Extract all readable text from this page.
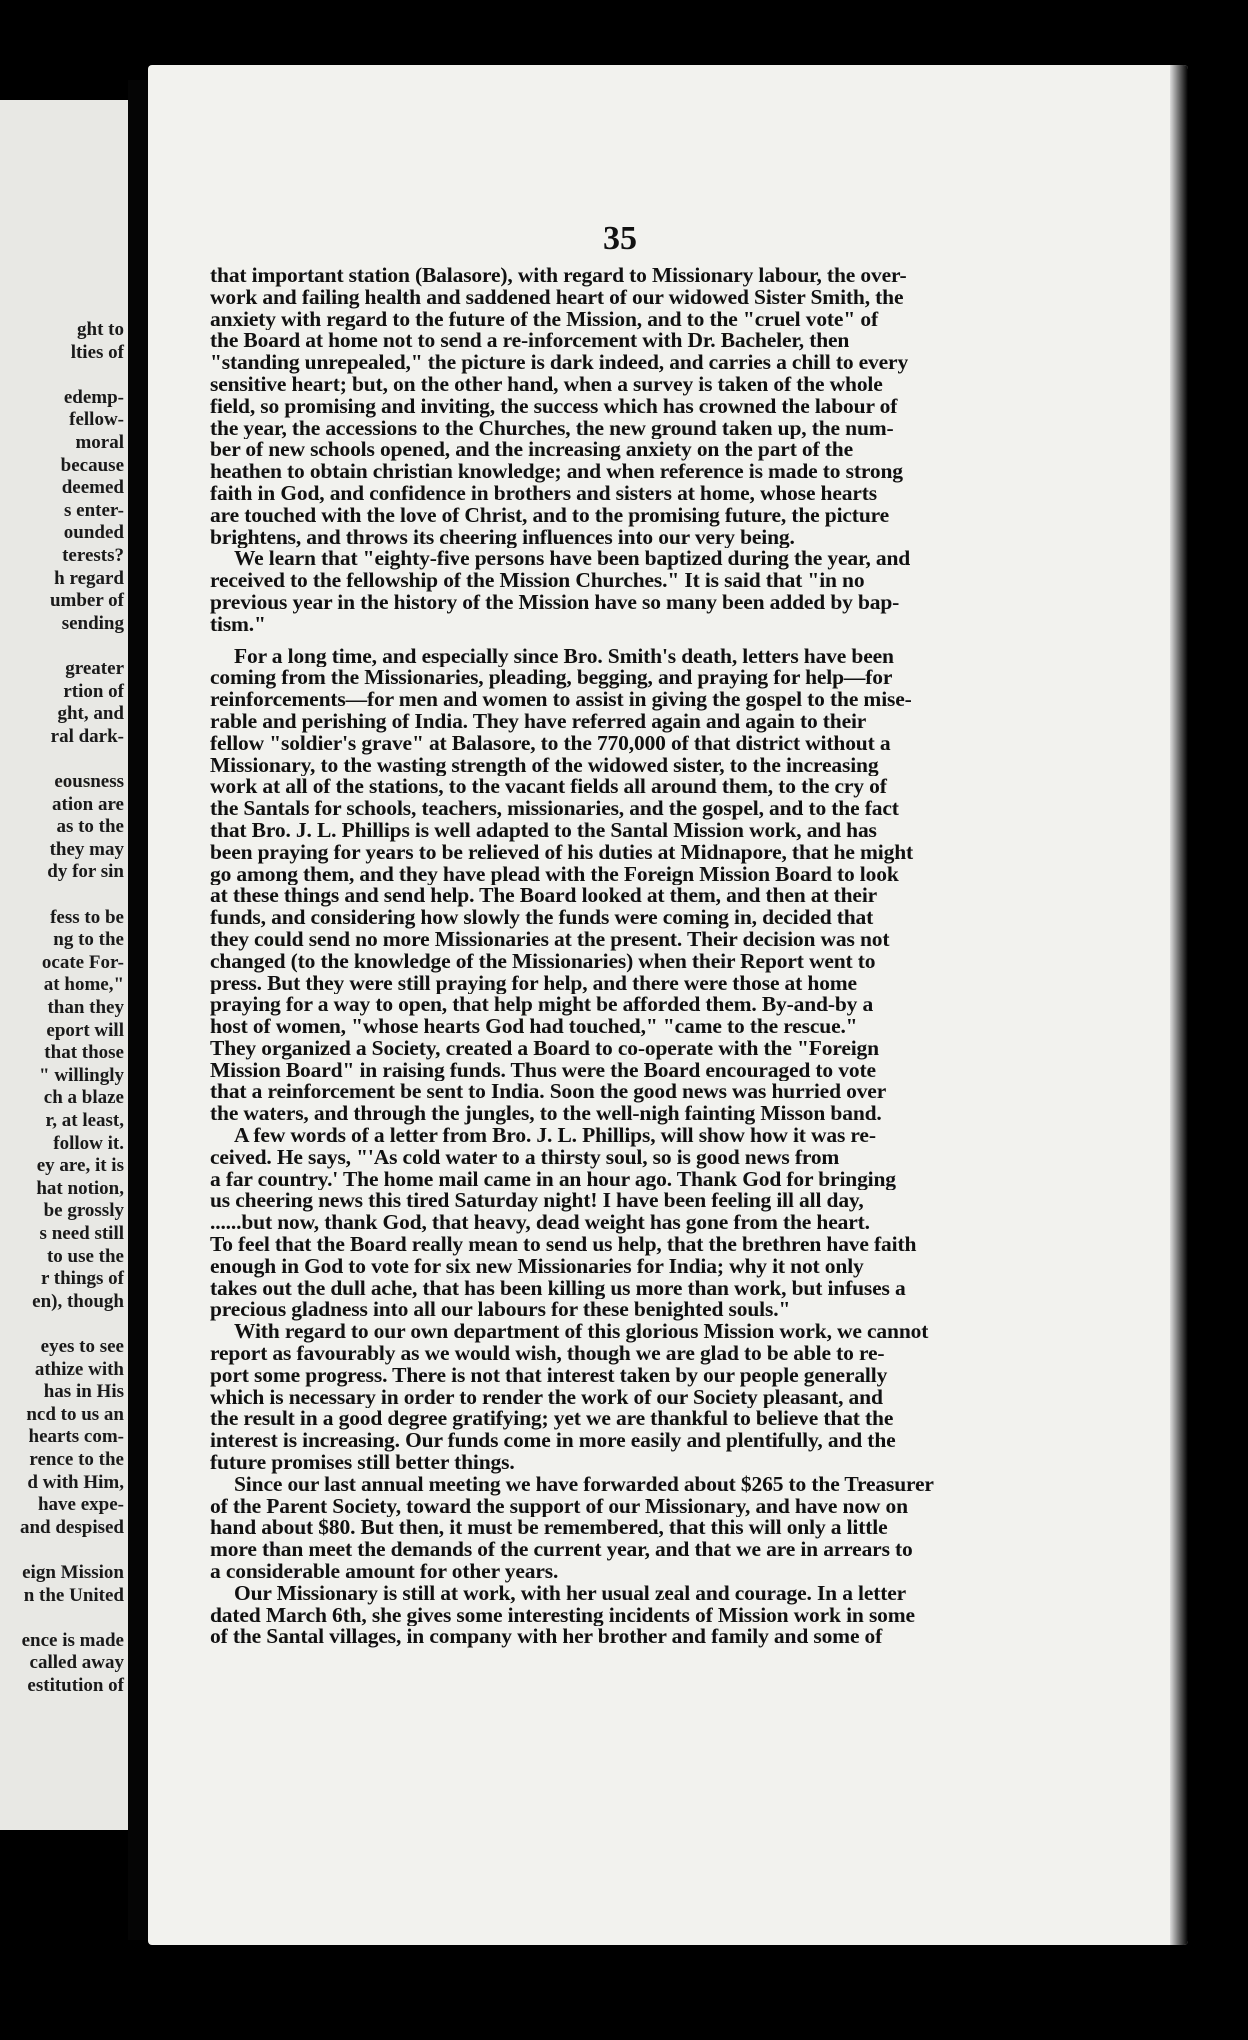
ght to
lties of
edemp-
fellow-
moral
because
deemed
s enter-
ounded
terests?
h regard
umber of
sending
greater
rtion of
ght, and
ral dark-
eousness
ation are
as to the
they may
dy for sin
fess to be
ng to the
ocate For-
at home,"
than they
eport will
that those
" willingly
ch a blaze
r, at least,
follow it.
ey are, it is
hat notion,
be grossly
s need still
to use the
r things of
en), though
eyes to see
athize with
has in His
ncd to us an
hearts com-
rence to the
d with Him,
have expe-
and despised
eign Mission
n the United
ence is made
called away
estitution of
35
that important station (Balasore), with regard to Missionary labour, the over-
work and failing health and saddened heart of our widowed Sister Smith, the
anxiety with regard to the future of the Mission, and to the "cruel vote" of
the Board at home not to send a re-inforcement with Dr. Bacheler, then
"standing unrepealed," the picture is dark indeed, and carries a chill to every
sensitive heart; but, on the other hand, when a survey is taken of the whole
field, so promising and inviting, the success which has crowned the labour of
the year, the accessions to the Churches, the new ground taken up, the num-
ber of new schools opened, and the increasing anxiety on the part of the
heathen to obtain christian knowledge; and when reference is made to strong
faith in God, and confidence in brothers and sisters at home, whose hearts
are touched with the love of Christ, and to the promising future, the picture
brightens, and throws its cheering influences into our very being.
We learn that "eighty-five persons have been baptized during the year, and
received to the fellowship of the Mission Churches." It is said that "in no
previous year in the history of the Mission have so many been added by bap-
tism."
For a long time, and especially since Bro. Smith's death, letters have been
coming from the Missionaries, pleading, begging, and praying for help—for
reinforcements—for men and women to assist in giving the gospel to the mise-
rable and perishing of India. They have referred again and again to their
fellow "soldier's grave" at Balasore, to the 770,000 of that district without a
Missionary, to the wasting strength of the widowed sister, to the increasing
work at all of the stations, to the vacant fields all around them, to the cry of
the Santals for schools, teachers, missionaries, and the gospel, and to the fact
that Bro. J. L. Phillips is well adapted to the Santal Mission work, and has
been praying for years to be relieved of his duties at Midnapore, that he might
go among them, and they have plead with the Foreign Mission Board to look
at these things and send help. The Board looked at them, and then at their
funds, and considering how slowly the funds were coming in, decided that
they could send no more Missionaries at the present. Their decision was not
changed (to the knowledge of the Missionaries) when their Report went to
press. But they were still praying for help, and there were those at home
praying for a way to open, that help might be afforded them. By-and-by a
host of women, "whose hearts God had touched," "came to the rescue."
They organized a Society, created a Board to co-operate with the "Foreign
Mission Board" in raising funds. Thus were the Board encouraged to vote
that a reinforcement be sent to India. Soon the good news was hurried over
the waters, and through the jungles, to the well-nigh fainting Misson band.
A few words of a letter from Bro. J. L. Phillips, will show how it was re-
ceived. He says, "'As cold water to a thirsty soul, so is good news from
a far country.' The home mail came in an hour ago. Thank God for bringing
us cheering news this tired Saturday night! I have been feeling ill all day,
......but now, thank God, that heavy, dead weight has gone from the heart.
To feel that the Board really mean to send us help, that the brethren have faith
enough in God to vote for six new Missionaries for India; why it not only
takes out the dull ache, that has been killing us more than work, but infuses a
precious gladness into all our labours for these benighted souls."
With regard to our own department of this glorious Mission work, we cannot
report as favourably as we would wish, though we are glad to be able to re-
port some progress. There is not that interest taken by our people generally
which is necessary in order to render the work of our Society pleasant, and
the result in a good degree gratifying; yet we are thankful to believe that the
interest is increasing. Our funds come in more easily and plentifully, and the
future promises still better things.
Since our last annual meeting we have forwarded about $265 to the Treasurer
of the Parent Society, toward the support of our Missionary, and have now on
hand about $80. But then, it must be remembered, that this will only a little
more than meet the demands of the current year, and that we are in arrears to
a considerable amount for other years.
Our Missionary is still at work, with her usual zeal and courage. In a letter
dated March 6th, she gives some interesting incidents of Mission work in some
of the Santal villages, in company with her brother and family and some of
